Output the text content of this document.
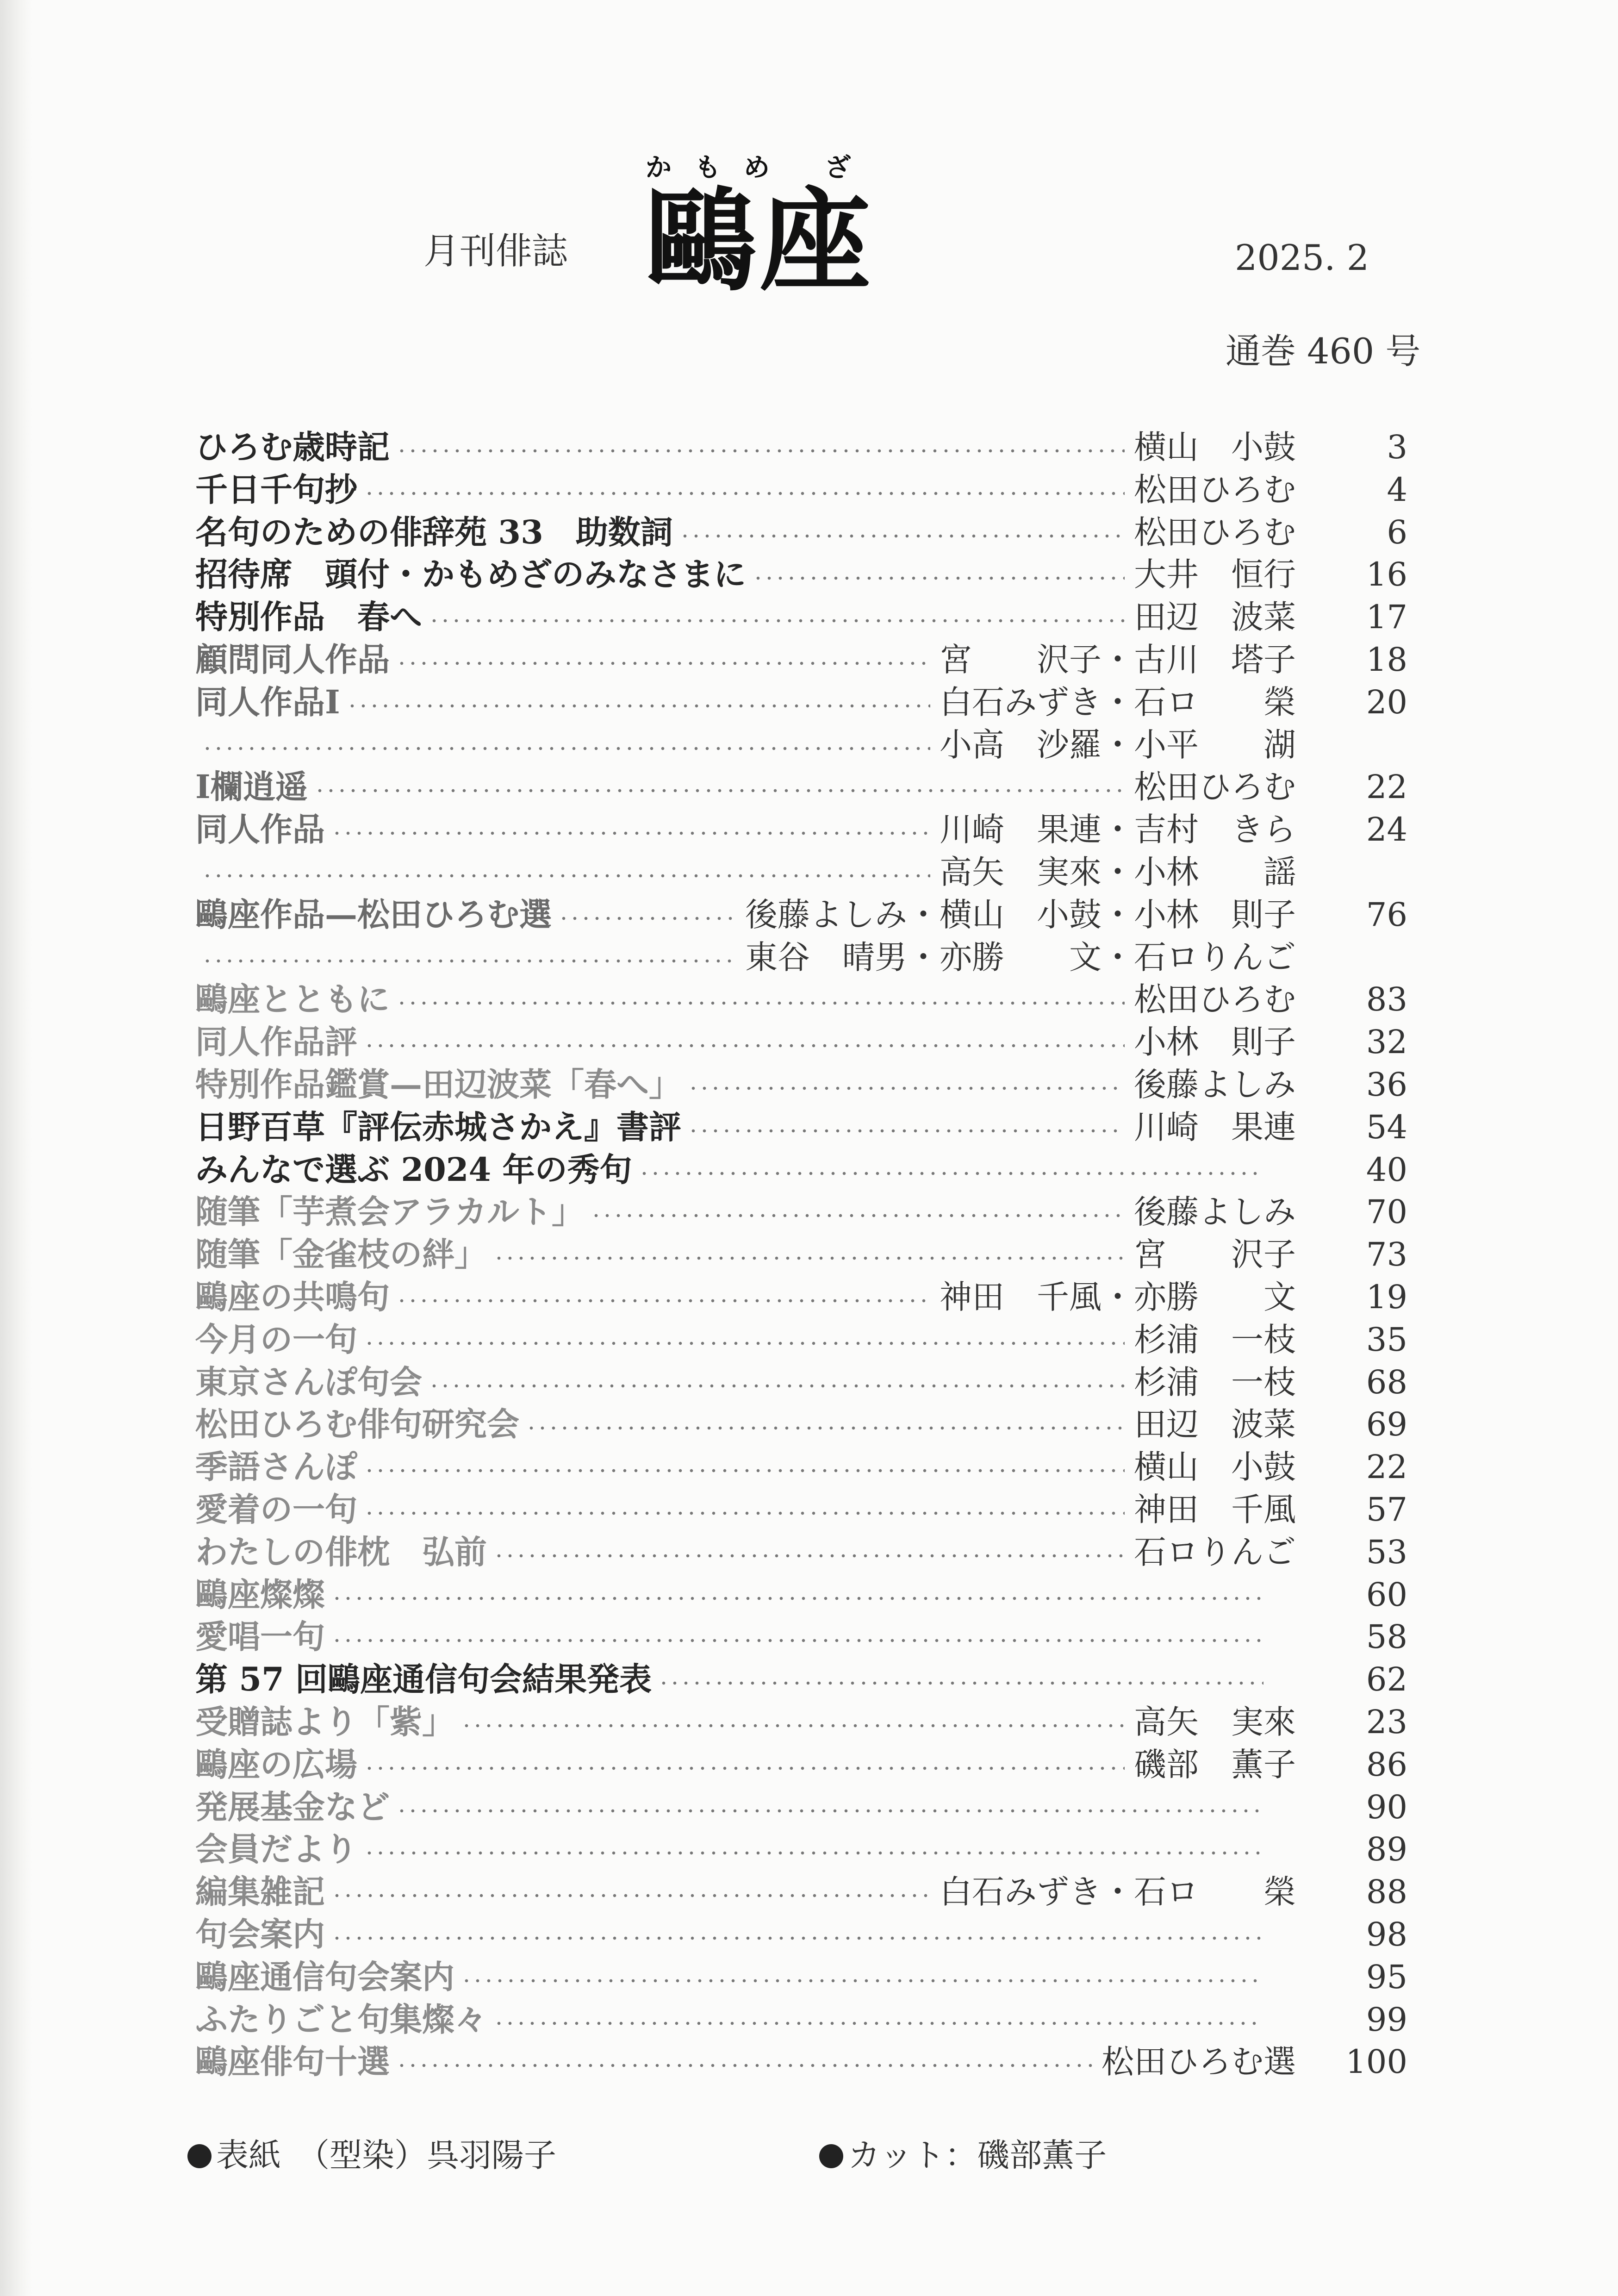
月刊俳誌
かもめ ざ
鷗座	2025. 2
通巻 460 号
ひろむ歳時記	横山　小鼓	3
千日千句抄	松田ひろむ	4
名句のための俳辞苑 33　助数詞	松田ひろむ	6
招待席　頭付・かもめざのみなさまに	大井　恒行 16
特別作品　春へ	田辺　波菜 17
顧問同人作品	宮　　沢子・古川　塔子 18
同人作品Ⅰ	白石みずき・石ロ　　榮 20
小高　沙羅・小平　　湖
Ⅰ欄逍遥	松田ひろむ 22
同人作品	川崎　果連・吉村　きら 24
高矢　実來・小林　　謡
鷗座作品—松田ひろむ選	後藤よしみ・横山　小鼓・小林　則子 76
東谷　晴男・亦勝　　文・石ロりんご
鷗座とともに	松田ひろむ 83
同人作品評	小林　則子 32
特別作品鑑賞—田辺波菜「春へ」	後藤よしみ 36
日野百草『評伝赤城さかえ』書評	川崎　果連 54
みんなで選ぶ 2024 年の秀句	40
随筆「芋煮会アラカルト」	後藤よしみ 70
随筆「金雀枝の絆」	宮　　沢子 73
鷗座の共鳴句	神田　千風・亦勝　　文 19
今月の一句	杉浦　一枝 35
東京さんぽ句会	杉浦　一枝 68
松田ひろむ俳句研究会	田辺　波菜 69
季語さんぽ	横山　小鼓 22
愛着の一句	神田　千風 57
わたしの俳枕　弘前	石ロりんご 53
鷗座燦燦	60
愛唱一句	58
第 57 回鷗座通信句会結果発表	62
受贈誌より「紫」	高矢　実來 23
鷗座の広場	磯部　薫子 86
発展基金など	90
会員だより	89
編集雑記	白石みずき・石ロ　　榮 88
句会案内	98
鷗座通信句会案内	95
ふたりごと句集燦々	99
鷗座俳句十選	松田ひろむ選 100
表紙　（型染）呉羽陽子	カット：磯部薫子
